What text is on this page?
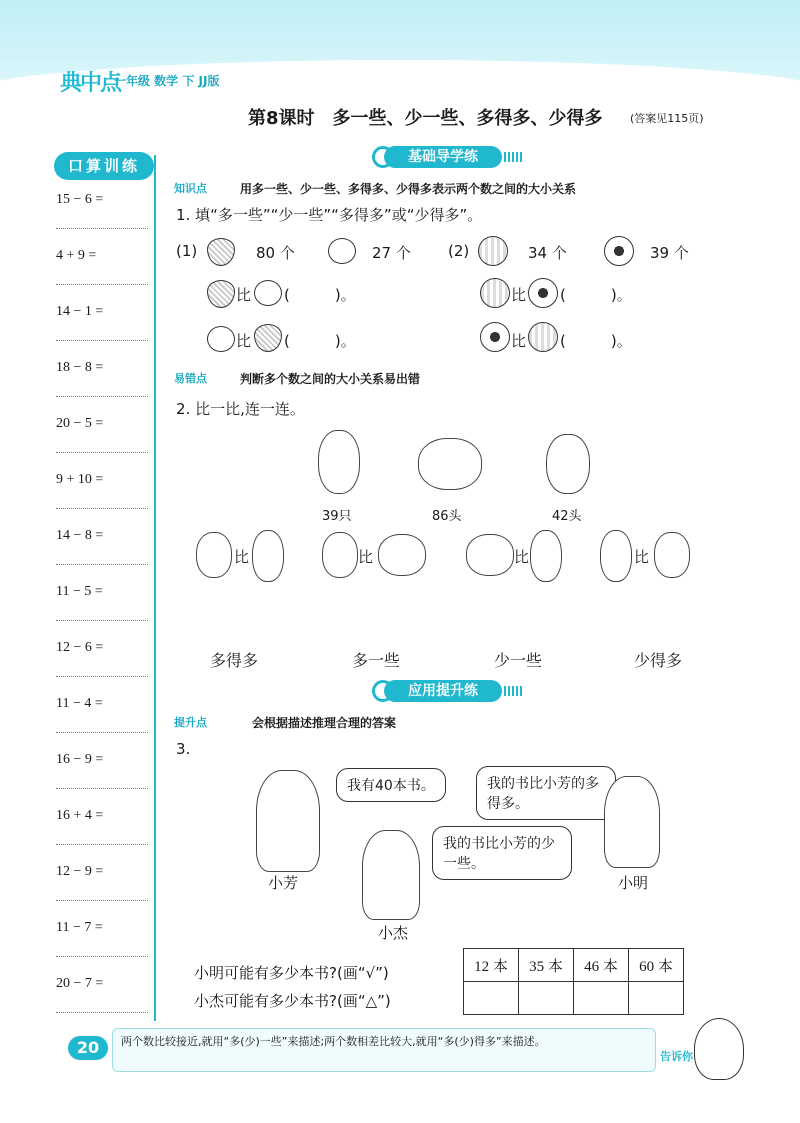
典中点
一年级 数学 下 JJ版
第8课时　多一些、少一些、多得多、少得多 (答案见115页)
口算训练
15 − 6 =
4 + 9 =
14 − 1 =
18 − 8 =
20 − 5 =
9 + 10 =
14 − 8 =
11 − 5 =
12 − 6 =
11 − 4 =
16 − 9 =
16 + 4 =
12 − 9 =
11 − 7 =
20 − 7 =
基础导学练
知识点	用多一些、少一些、多得多、少得多表示两个数之间的大小关系
1. 填“多一些”“少一些”“多得多”或“少得多”。
(1)	80 个	27 个 (2)	34 个	39 个
比 (　　　)。	比 (　　　)。
比 (　　　)。	比 (　　　)。
易错点	判断多个数之间的大小关系易出错
2. 比一比,连一连。
39只	86头	42头
比	比	比	比
多得多	多一些	少一些	少得多
应用提升练
提升点	会根据描述推理合理的答案
3.
我有40本书。	我的书比小芳的多得多。
我的书比小芳的少一些。
小芳	小明
小杰
小明可能有多少本书?(画“√”)
小杰可能有多少本书?(画“△”)
12 本	35 本	46 本	60 本

20	两个数比较接近,就用“多(少)一些”来描述;两个数相差比较大,就用“多(少)得多”来描述。
告诉你
